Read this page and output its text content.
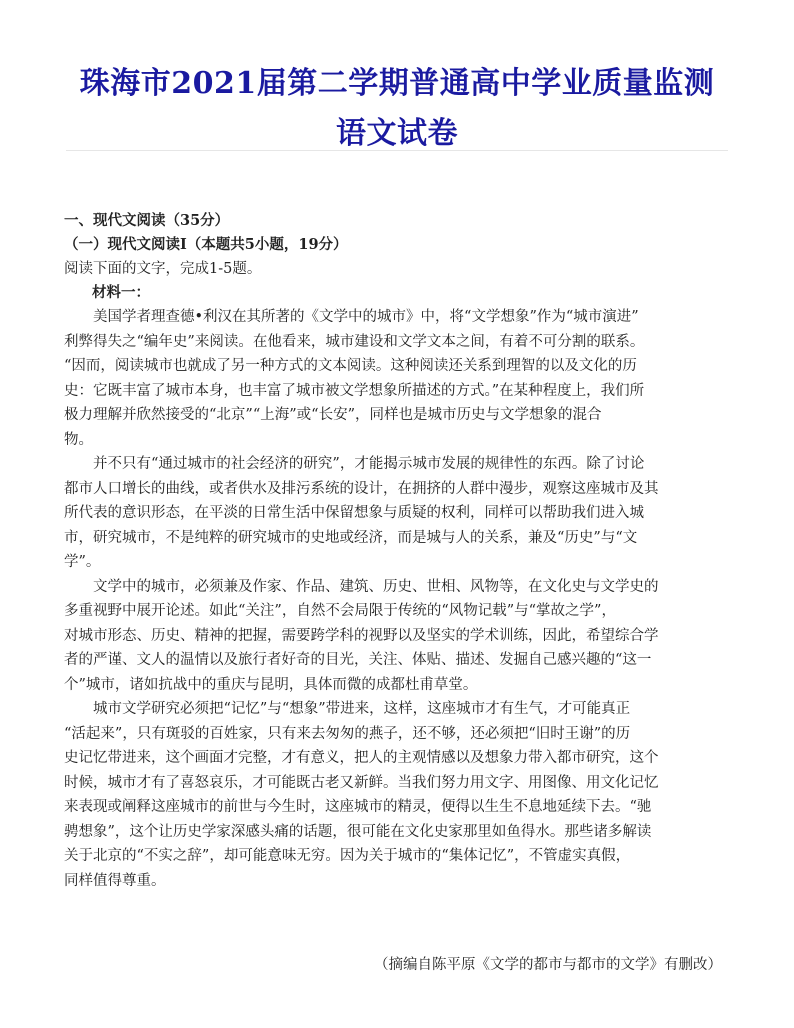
珠海市2021届第二学期普通高中学业质量监测
语文试卷
一、现代文阅读（35分）
（一）现代文阅读Ⅰ（本题共5小题，19分）
阅读下面的文字，完成1-5题。
材料一：
　　美国学者理查德•利汉在其所著的《文学中的城市》中，将“文学想象”作为“城市演进”
利弊得失之“编年史”来阅读。在他看来，城市建设和文学文本之间，有着不可分割的联系。
“因而，阅读城市也就成了另一种方式的文本阅读。这种阅读还关系到理智的以及文化的历
史：它既丰富了城市本身，也丰富了城市被文学想象所描述的方式。”在某种程度上，我们所
极力理解并欣然接受的“北京”“上海”或“长安”，同样也是城市历史与文学想象的混合
物。
　　并不只有“通过城市的社会经济的研究”，才能揭示城市发展的规律性的东西。除了讨论
都市人口增长的曲线，或者供水及排污系统的设计，在拥挤的人群中漫步，观察这座城市及其
所代表的意识形态，在平淡的日常生活中保留想象与质疑的权利，同样可以帮助我们进入城
市，研究城市，不是纯粹的研究城市的史地或经济，而是城与人的关系，兼及“历史”与“文
学”。
　　文学中的城市，必须兼及作家、作品、建筑、历史、世相、风物等，在文化史与文学史的
多重视野中展开论述。如此“关注”，自然不会局限于传统的“风物记载”与“掌故之学”，
对城市形态、历史、精神的把握，需要跨学科的视野以及坚实的学术训练，因此，希望综合学
者的严谨、文人的温情以及旅行者好奇的目光，关注、体贴、描述、发掘自己感兴趣的“这一
个”城市，诸如抗战中的重庆与昆明，具体而微的成都杜甫草堂。
　　城市文学研究必须把“记忆”与“想象”带进来，这样，这座城市才有生气，才可能真正
“活起来”，只有斑驳的百姓家，只有来去匆匆的燕子，还不够，还必须把“旧时王谢”的历
史记忆带进来，这个画面才完整，才有意义，把人的主观情感以及想象力带入都市研究，这个
时候，城市才有了喜怒哀乐，才可能既古老又新鲜。当我们努力用文字、用图像、用文化记忆
来表现或阐释这座城市的前世与今生时，这座城市的精灵，便得以生生不息地延续下去。“驰
骋想象”，这个让历史学家深感头痛的话题，很可能在文化史家那里如鱼得水。那些诸多解读
关于北京的“不实之辞”，却可能意味无穷。因为关于城市的“集体记忆”，不管虚实真假，
同样值得尊重。
（摘编自陈平原《文学的都市与都市的文学》有删改）
